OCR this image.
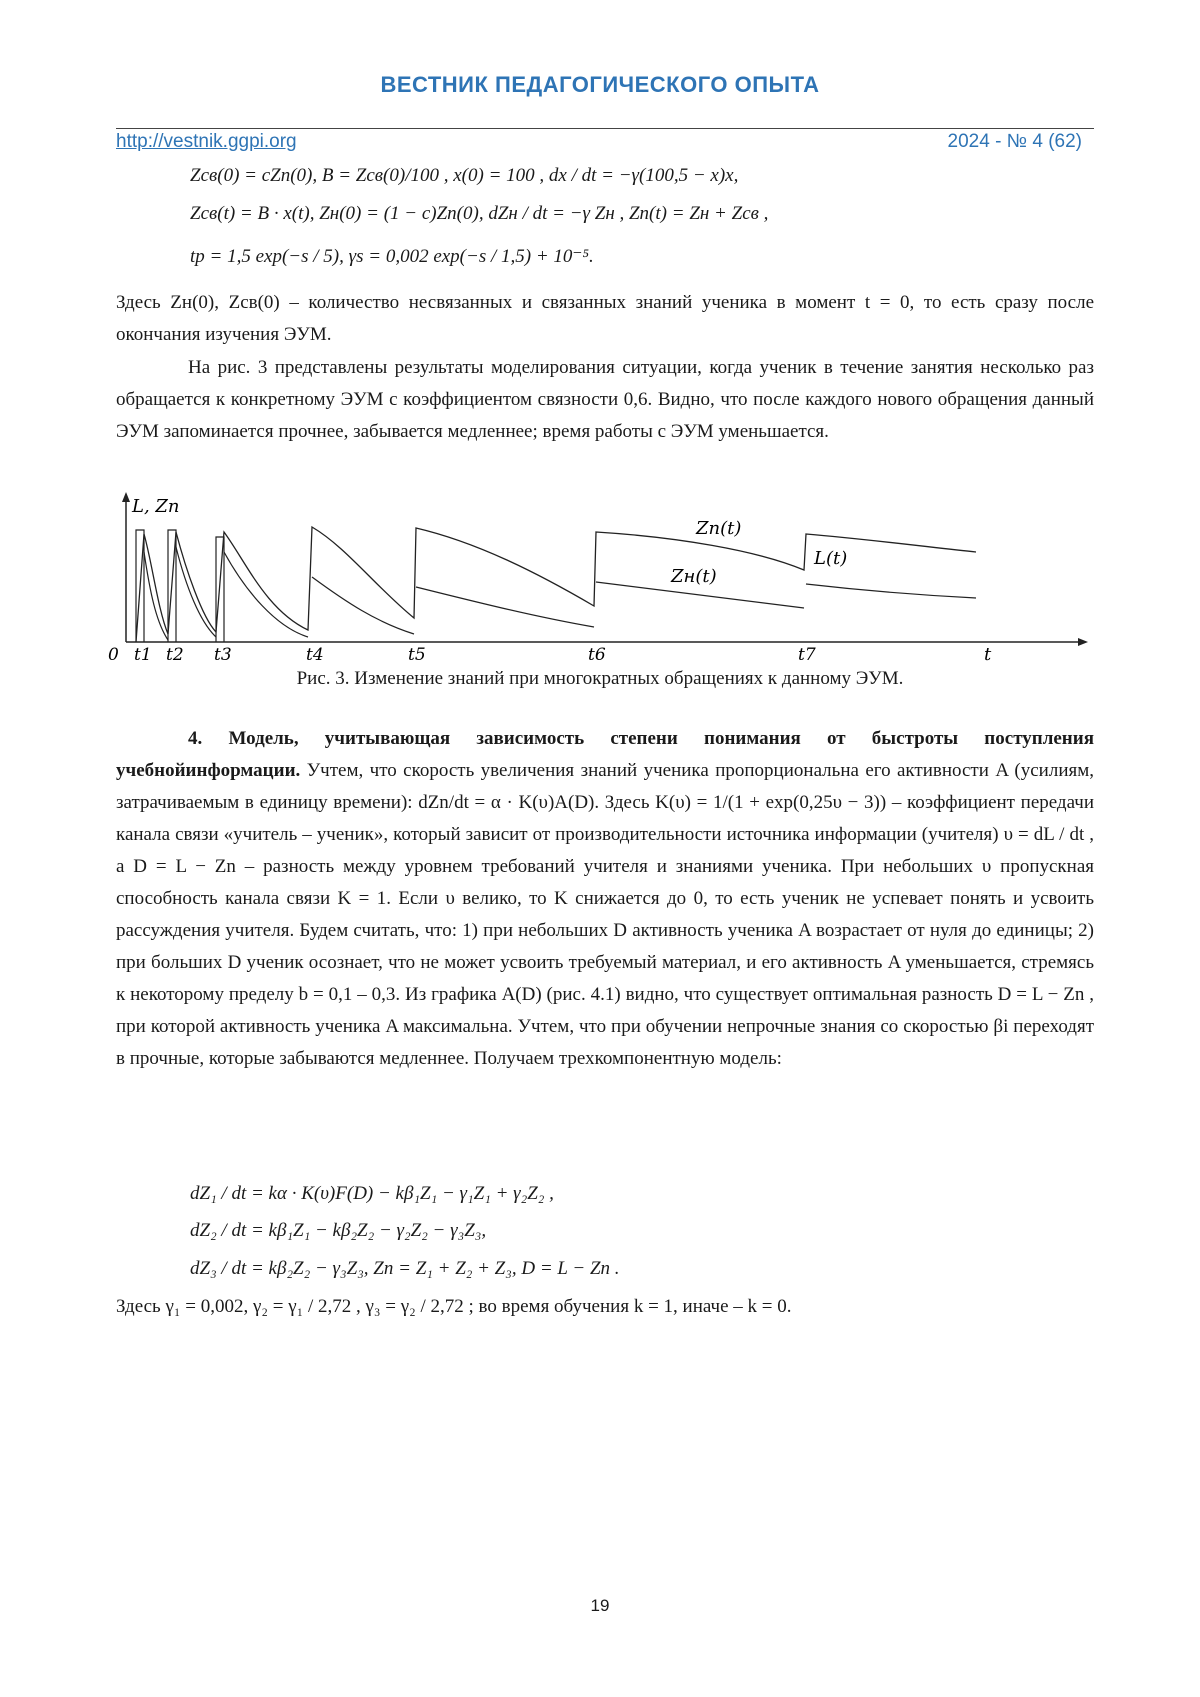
ВЕСТНИК ПЕДАГОГИЧЕСКОГО ОПЫТА
http://vestnik.ggpi.org	2024 - № 4 (62)
Zсв(0) = cZn(0), B = Zсв(0)/100 , x(0) = 100 , dx / dt = −γ(100,5 − x)x,
Zсв(t) = B · x(t), Zн(0) = (1 − c)Zn(0), dZн / dt = −γ Zн , Zn(t) = Zн + Zсв ,
tр = 1,5 exp(−s / 5), γs = 0,002 exp(−s / 1,5) + 10⁻⁵.
Здесь Zн(0), Zсв(0) – количество несвязанных и связанных знаний ученика в момент t = 0, то есть сразу после окончания изучения ЭУМ.
На рис. 3 представлены результаты моделирования ситуации, когда ученик в течение занятия несколько раз обращается к конкретному ЭУМ с коэффициентом связности 0,6. Видно, что после каждого нового обращения данный ЭУМ запоминается прочнее, забывается медленнее; время работы с ЭУМ уменьшается.
Zn(t)
Zн(t)
L(t)
L, Zn
0	t
t1 t2 t3	t4	t5	t6	t7
Рис. 3. Изменение знаний при многократных обращениях к данному ЭУМ.
4. Модель, учитывающая зависимость степени понимания от быстроты поступления учебнойинформации. Учтем, что скорость увеличения знаний ученика пропорциональна его активности A (усилиям, затрачиваемым в единицу времени): dZn/dt = α · K(υ)A(D). Здесь K(υ) = 1/(1 + exp(0,25υ − 3)) – коэффициент передачи канала связи «учитель – ученик», который зависит от производительности источника информации (учителя) υ = dL / dt , а D = L − Zn – разность между уровнем требований учителя и знаниями ученика. При небольших υ пропускная способность канала связи K = 1. Если υ велико, то K снижается до 0, то есть ученик не успевает понять и усвоить рассуждения учителя. Будем считать, что: 1) при небольших D активность ученика A возрастает от нуля до единицы; 2) при больших D ученик осознает, что не может усвоить требуемый материал, и его активность A уменьшается, стремясь к некоторому пределу b = 0,1 – 0,3. Из графика A(D) (рис. 4.1) видно, что существует оптимальная разность D = L − Zn , при которой активность ученика A максимальна. Учтем, что при обучении непрочные знания со скоростью βi переходят в прочные, которые забываются медленнее. Получаем трехкомпонентную модель:
dZ₁ / dt = kα · K(υ)F(D) − kβ₁Z₁ − γ₁Z₁ + γ₂Z₂ ,
dZ₂ / dt = kβ₁Z₁ − kβ₂Z₂ − γ₂Z₂ − γ₃Z₃,
dZ₃ / dt = kβ₂Z₂ − γ₃Z₃, Zn = Z₁ + Z₂ + Z₃, D = L − Zn .
Здесь γ₁ = 0,002, γ₂ = γ₁ / 2,72 , γ₃ = γ₂ / 2,72 ; во время обучения k = 1, иначе – k = 0.
19
